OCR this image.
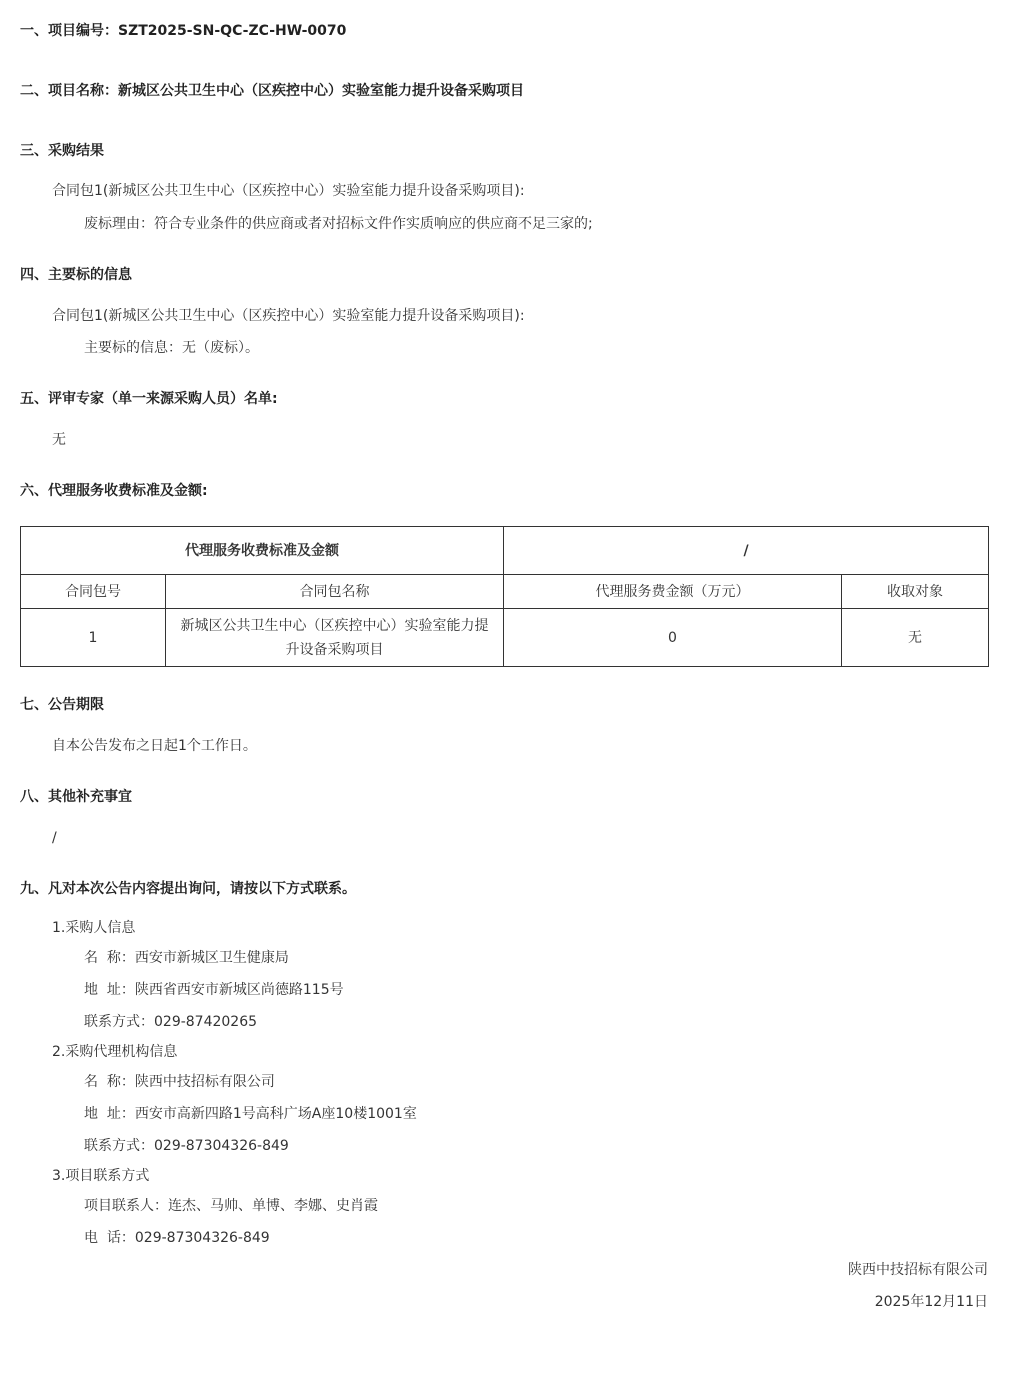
一、项目编号：SZT2025-SN-QC-ZC-HW-0070
二、项目名称：新城区公共卫生中心（区疾控中心）实验室能力提升设备采购项目
三、采购结果
合同包1(新城区公共卫生中心（区疾控中心）实验室能力提升设备采购项目):
废标理由：符合专业条件的供应商或者对招标文件作实质响应的供应商不足三家的;
四、主要标的信息
合同包1(新城区公共卫生中心（区疾控中心）实验室能力提升设备采购项目):
主要标的信息：无（废标）。
五、评审专家（单一来源采购人员）名单:
无
六、代理服务收费标准及金额:
代理服务收费标准及金额		/	
合同包号	合同包名称	代理服务费金额（万元）	收取对象
1	新城区公共卫生中心（区疾控中心）实验室能力提升设备采购项目	0	无
七、公告期限
自本公告发布之日起1个工作日。
八、其他补充事宜
/
九、凡对本次公告内容提出询问，请按以下方式联系。
1.采购人信息
名  称：西安市新城区卫生健康局
地  址：陕西省西安市新城区尚德路115号
联系方式：029-87420265
2.采购代理机构信息
名  称：陕西中技招标有限公司
地  址：西安市高新四路1号高科广场A座10楼1001室
联系方式：029-87304326-849
3.项目联系方式
项目联系人：连杰、马帅、单博、李娜、史肖霞
电  话：029-87304326-849
陕西中技招标有限公司
2025年12月11日
